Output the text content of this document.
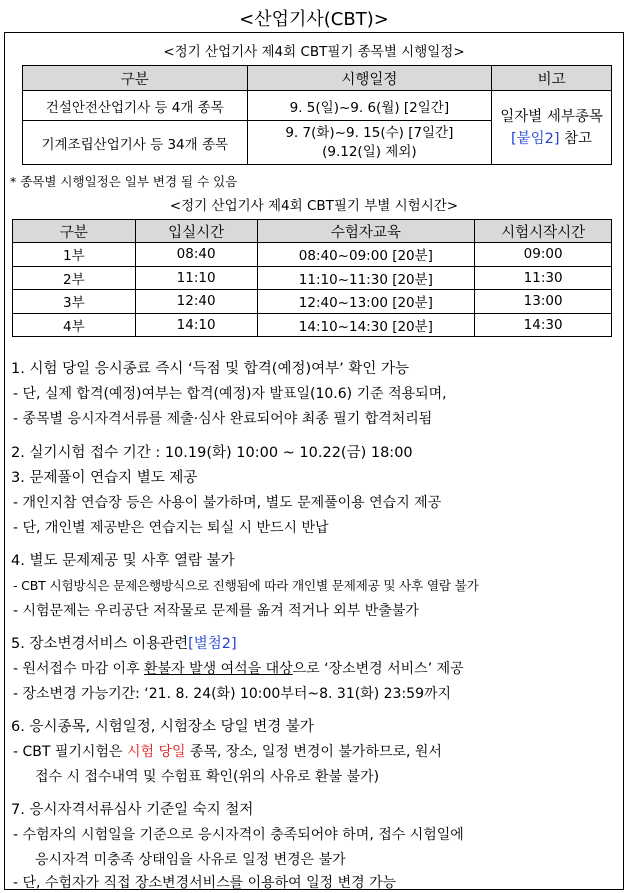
<산업기사(CBT)>
<정기 산업기사 제4회 CBT필기 종목별 시행일정>
구분	시행일정	비고
건설안전산업기사 등 4개 종목	9. 5(일)~9. 6(월) [2일간]	일자별 세부종목
[붙임2] 참고

기계조립산업기사 등 34개 종목	9. 7(화)~9. 15(수) [7일간]
(9.12(일) 제외)	
* 종목별 시행일정은 일부 변경 될 수 있음
<정기 산업기사 제4회 CBT필기 부별 시험시간>
구분	입실시간	수험자교육	시험시작시간
1부	08:40	08:40~09:00 [20분]	09:00
2부	11:10	11:10~11:30 [20분]	11:30
3부	12:40	12:40~13:00 [20분]	13:00
4부	14:10	14:10~14:30 [20분]	14:30
1. 시험 당일 응시종료 즉시 ‘득점 및 합격(예정)여부’ 확인 가능
- 단, 실제 합격(예정)여부는 합격(예정)자 발표일(10.6) 기준 적용되며,
- 종목별 응시자격서류를 제출·심사 완료되어야 최종 필기 합격처리됨
2. 실기시험 접수 기간 : 10.19(화) 10:00 ~ 10.22(금) 18:00
3. 문제풀이 연습지 별도 제공
- 개인지참 연습장 등은 사용이 불가하며, 별도 문제풀이용 연습지 제공
- 단, 개인별 제공받은 연습지는 퇴실 시 반드시 반납
4. 별도 문제제공 및 사후 열람 불가
- CBT 시험방식은 문제은행방식으로 진행됨에 따라 개인별 문제제공 및 사후 열람 불가
- 시험문제는 우리공단 저작물로 문제를 옮겨 적거나 외부 반출불가
5. 장소변경서비스 이용관련[별첨2]
- 원서접수 마감 이후 환불자 발생 여석을 대상으로 ‘장소변경 서비스’ 제공
- 장소변경 가능기간: ‘21. 8. 24(화) 10:00부터~8. 31(화) 23:59까지
6. 응시종목, 시험일정, 시험장소 당일 변경 불가
- CBT 필기시험은 시험 당일 종목, 장소, 일정 변경이 불가하므로, 원서
접수 시 접수내역 및 수험표 확인(위의 사유로 환불 불가)
7. 응시자격서류심사 기준일 숙지 철저
- 수험자의 시험일을 기준으로 응시자격이 충족되어야 하며, 접수 시험일에
응시자격 미충족 상태임을 사유로 일정 변경은 불가
- 단, 수험자가 직접 장소변경서비스를 이용하여 일정 변경 가능
